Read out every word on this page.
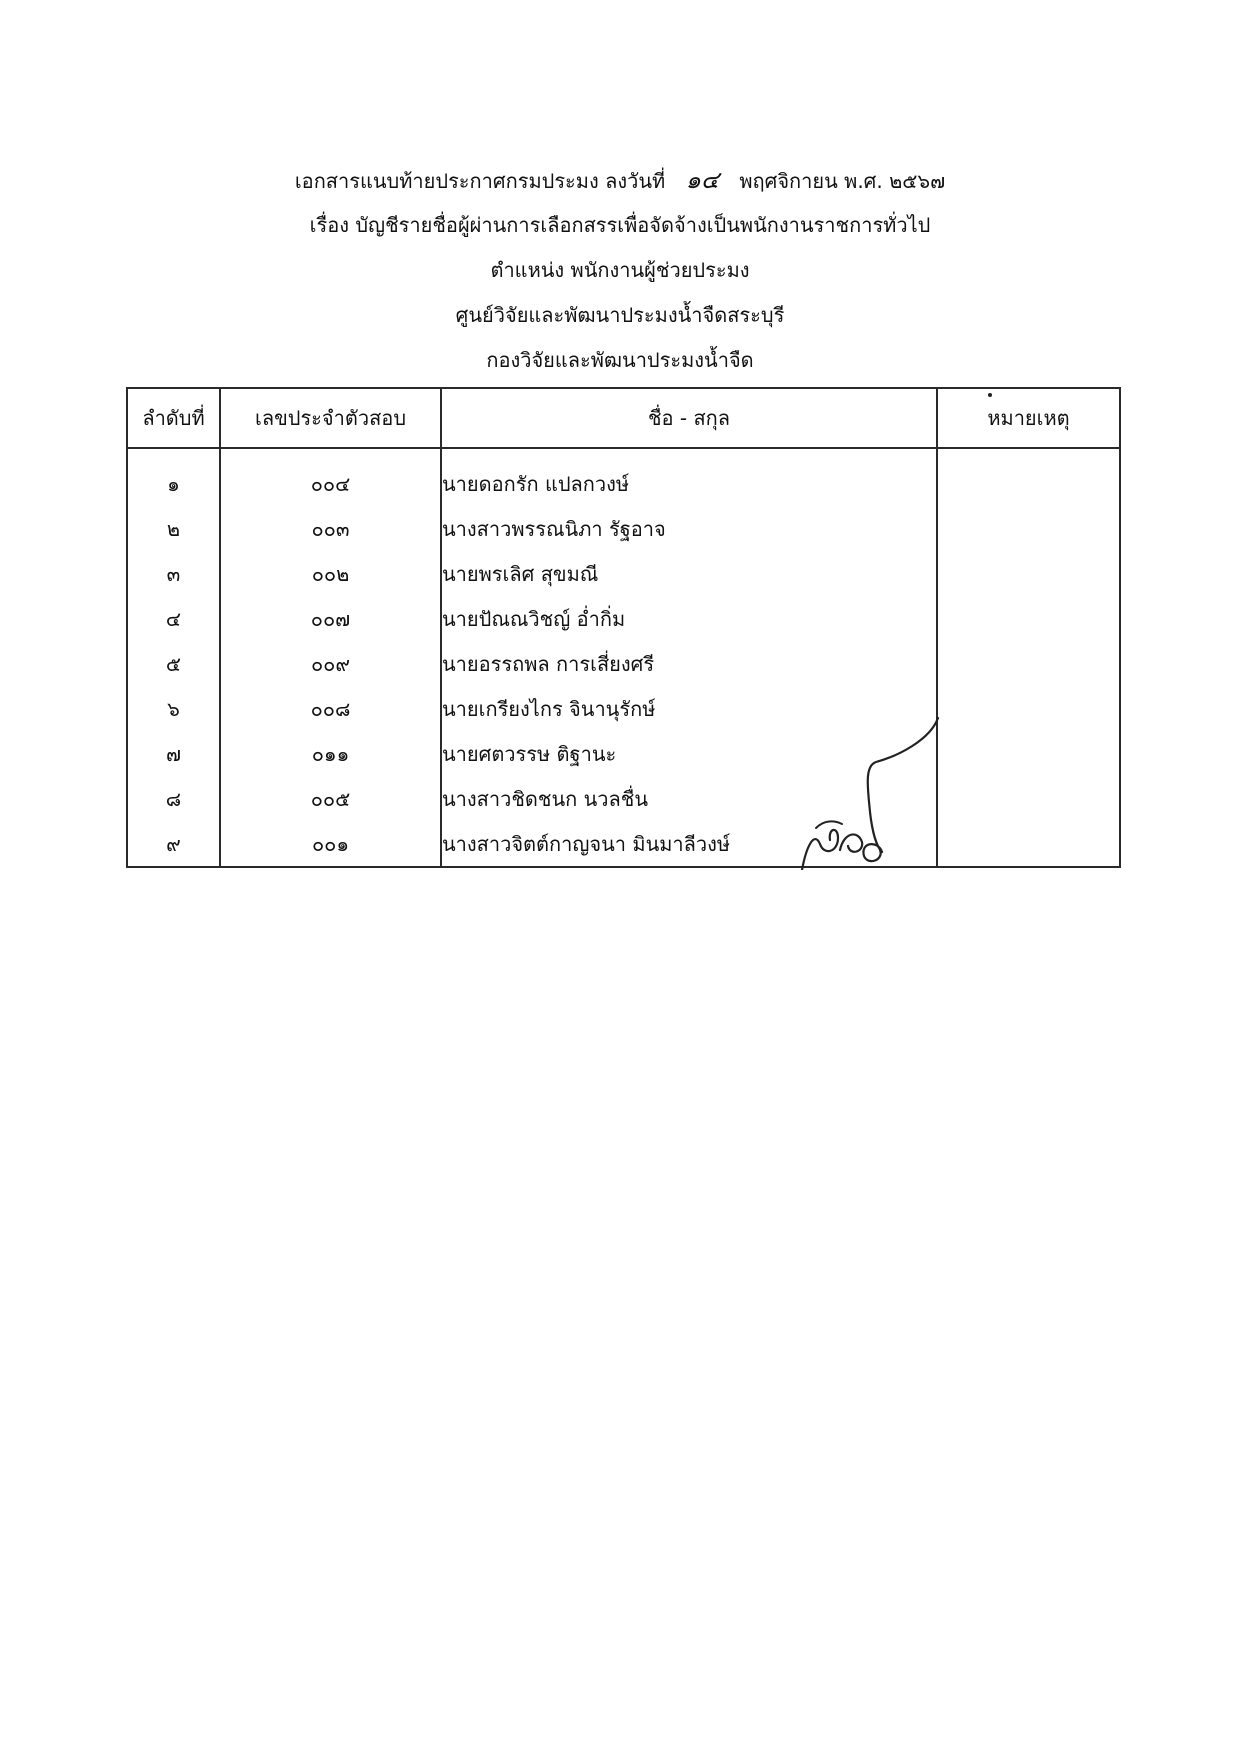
เอกสารแนบท้ายประกาศกรมประมง ลงวันที่ ๑๔ พฤศจิกายน พ.ศ. ๒๕๖๗
เรื่อง บัญชีรายชื่อผู้ผ่านการเลือกสรรเพื่อจัดจ้างเป็นพนักงานราชการทั่วไป
ตำแหน่ง พนักงานผู้ช่วยประมง
ศูนย์วิจัยและพัฒนาประมงน้ำจืดสระบุรี
กองวิจัยและพัฒนาประมงน้ำจืด
ลำดับที่	เลขประจำตัวสอบ	ชื่อ - สกุล	หมายเหตุ
๑	๐๐๔	นายดอกรัก แปลกวงษ์	
๒	๐๐๓	นางสาวพรรณนิภา รัฐอาจ	
๓	๐๐๒	นายพรเลิศ สุขมณี	
๔	๐๐๗	นายปัณณวิชญ์ อ่ำกิ่ม	
๕	๐๐๙	นายอรรถพล การเสี่ยงศรี	
๖	๐๐๘	นายเกรียงไกร จินานุรักษ์	
๗	๐๑๑	นายศตวรรษ ติฐานะ	
๘	๐๐๕	นางสาวชิดชนก นวลชื่น	
๙	๐๐๑	นางสาวจิตต์กาญจนา มินมาลีวงษ์	
